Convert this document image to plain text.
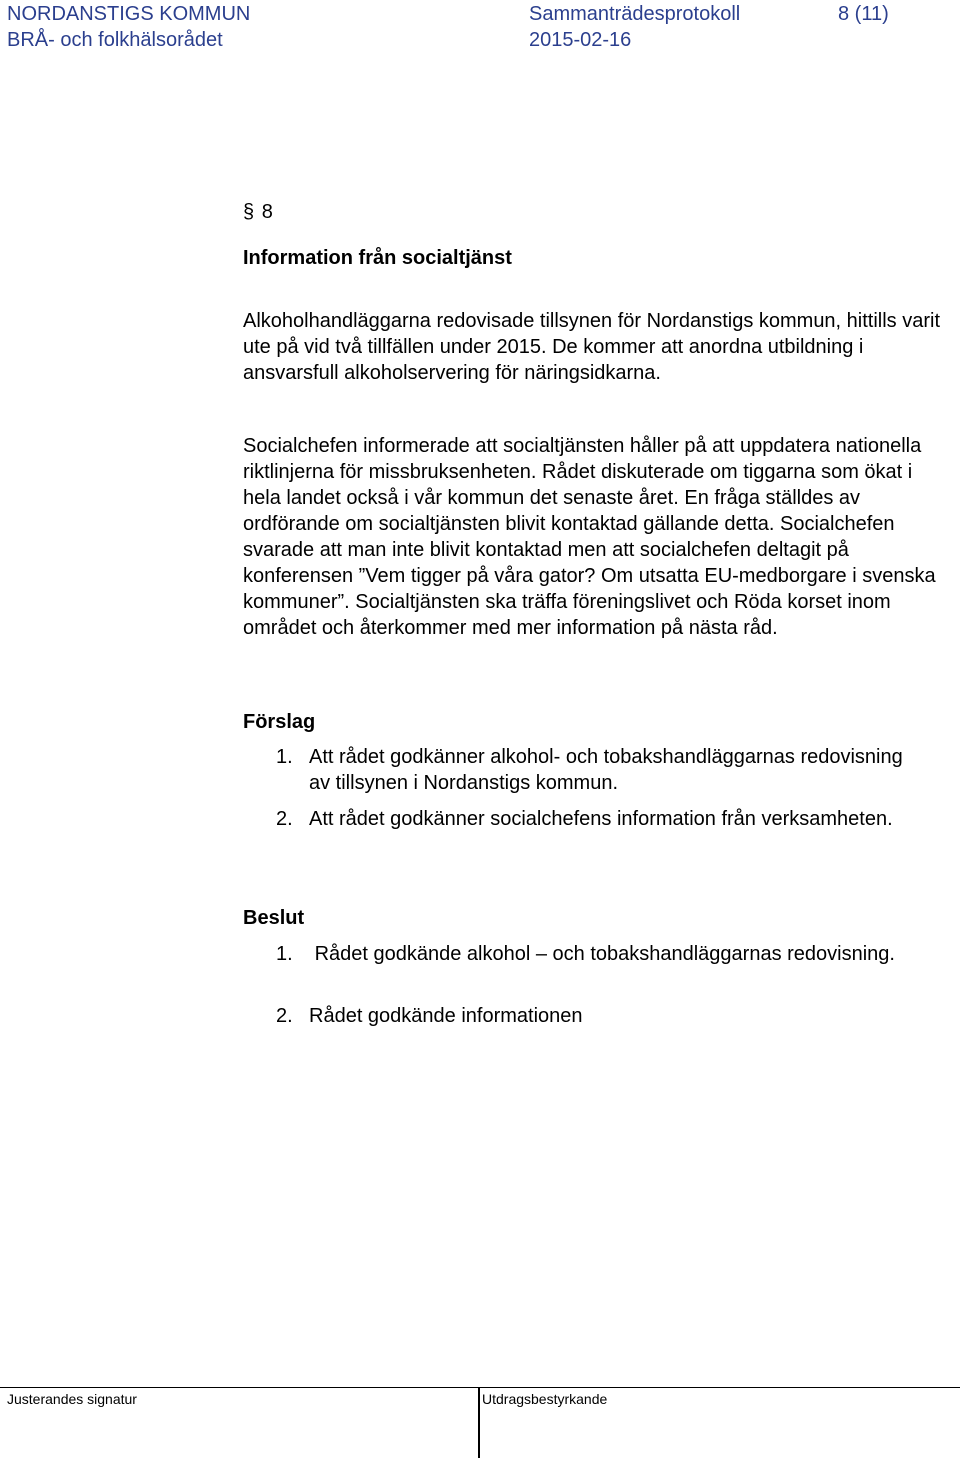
NORDANSTIGS KOMMUN	Sammanträdesprotokoll	8 (11)
BRÅ- och folkhälsorådet	2015-02-16
§ 8
Information från socialtjänst

Alkoholhandläggarna redovisade tillsynen för Nordanstigs kommun, hittills varit ute på vid två tillfällen under 2015. De kommer att anordna utbildning i ansvarsfull alkoholservering för näringsidkarna.

Socialchefen informerade att socialtjänsten håller på att uppdatera nationella riktlinjerna för missbruksenheten. Rådet diskuterade om tiggarna som ökat i hela landet också i vår kommun det senaste året. En fråga ställdes av ordförande om socialtjänsten blivit kontaktad gällande detta. Socialchefen svarade att man inte blivit kontaktad men att socialchefen deltagit på konferensen ”Vem tigger på våra gator? Om utsatta EU-medborgare i svenska kommuner”. Socialtjänsten ska träffa föreningslivet och Röda korset inom området och återkommer med mer information på nästa råd.

Förslag
1. Att rådet godkänner alkohol- och tobakshandläggarnas redovisning av tillsynen i Nordanstigs kommun.
2. Att rådet godkänner socialchefens information från verksamheten.
Beslut
1. Rådet godkände alkohol – och tobakshandläggarnas redovisning.
2. Rådet godkände informationen
Justerandes signatur	Utdragsbestyrkande
